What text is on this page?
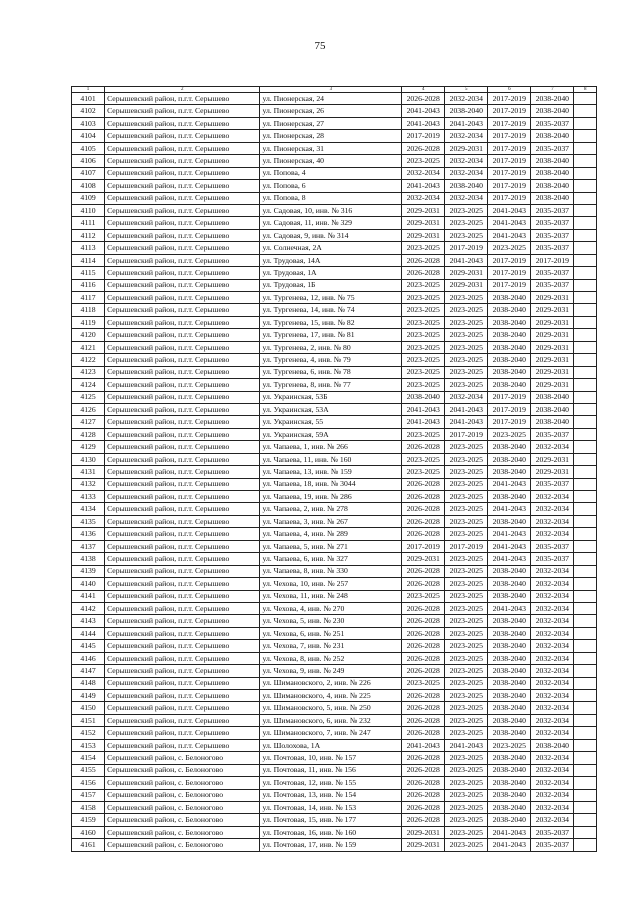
75
1	2	3	4	5	6	7	8
4101	Серышевский район, п.г.т. Серышево	ул. Пионерская, 24	2026-2028	2032-2034	2017-2019	2038-2040	
4102	Серышевский район, п.г.т. Серышево	ул. Пионерская, 26	2041-2043	2038-2040	2017-2019	2038-2040	
4103	Серышевский район, п.г.т. Серышево	ул. Пионерская, 27	2041-2043	2041-2043	2017-2019	2035-2037	
4104	Серышевский район, п.г.т. Серышево	ул. Пионерская, 28	2017-2019	2032-2034	2017-2019	2038-2040	
4105	Серышевский район, п.г.т. Серышево	ул. Пионерская, 31	2026-2028	2029-2031	2017-2019	2035-2037	
4106	Серышевский район, п.г.т. Серышево	ул. Пионерская, 40	2023-2025	2032-2034	2017-2019	2038-2040	
4107	Серышевский район, п.г.т. Серышево	ул. Попова, 4	2032-2034	2032-2034	2017-2019	2038-2040	
4108	Серышевский район, п.г.т. Серышево	ул. Попова, 6	2041-2043	2038-2040	2017-2019	2038-2040	
4109	Серышевский район, п.г.т. Серышево	ул. Попова, 8	2032-2034	2032-2034	2017-2019	2038-2040	
4110	Серышевский район, п.г.т. Серышево	ул. Садовая, 10, инв. № 316	2029-2031	2023-2025	2041-2043	2035-2037	
4111	Серышевский район, п.г.т. Серышево	ул. Садовая, 11, инв. № 329	2029-2031	2023-2025	2041-2043	2035-2037	
4112	Серышевский район, п.г.т. Серышево	ул. Садовая, 9, инв. № 314	2029-2031	2023-2025	2041-2043	2035-2037	
4113	Серышевский район, п.г.т. Серышево	ул. Солнечная, 2А	2023-2025	2017-2019	2023-2025	2035-2037	
4114	Серышевский район, п.г.т. Серышево	ул. Трудовая, 14А	2026-2028	2041-2043	2017-2019	2017-2019	
4115	Серышевский район, п.г.т. Серышево	ул. Трудовая, 1А	2026-2028	2029-2031	2017-2019	2035-2037	
4116	Серышевский район, п.г.т. Серышево	ул. Трудовая, 1Б	2023-2025	2029-2031	2017-2019	2035-2037	
4117	Серышевский район, п.г.т. Серышево	ул. Тургенева, 12, инв. № 75	2023-2025	2023-2025	2038-2040	2029-2031	
4118	Серышевский район, п.г.т. Серышево	ул. Тургенева, 14, инв. № 74	2023-2025	2023-2025	2038-2040	2029-2031	
4119	Серышевский район, п.г.т. Серышево	ул. Тургенева, 15, инв. № 82	2023-2025	2023-2025	2038-2040	2029-2031	
4120	Серышевский район, п.г.т. Серышево	ул. Тургенева, 17, инв. № 81	2023-2025	2023-2025	2038-2040	2029-2031	
4121	Серышевский район, п.г.т. Серышево	ул. Тургенева, 2, инв. № 80	2023-2025	2023-2025	2038-2040	2029-2031	
4122	Серышевский район, п.г.т. Серышево	ул. Тургенева, 4, инв. № 79	2023-2025	2023-2025	2038-2040	2029-2031	
4123	Серышевский район, п.г.т. Серышево	ул. Тургенева, 6, инв. № 78	2023-2025	2023-2025	2038-2040	2029-2031	
4124	Серышевский район, п.г.т. Серышево	ул. Тургенева, 8, инв. № 77	2023-2025	2023-2025	2038-2040	2029-2031	
4125	Серышевский район, п.г.т. Серышево	ул. Украинская, 53Б	2038-2040	2032-2034	2017-2019	2038-2040	
4126	Серышевский район, п.г.т. Серышево	ул. Украинская, 53А	2041-2043	2041-2043	2017-2019	2038-2040	
4127	Серышевский район, п.г.т. Серышево	ул. Украинская, 55	2041-2043	2041-2043	2017-2019	2038-2040	
4128	Серышевский район, п.г.т. Серышево	ул. Украинская, 59А	2023-2025	2017-2019	2023-2025	2035-2037	
4129	Серышевский район, п.г.т. Серышево	ул. Чапаева, 1, инв. № 266	2026-2028	2023-2025	2038-2040	2032-2034	
4130	Серышевский район, п.г.т. Серышево	ул. Чапаева, 11, инв. № 160	2023-2025	2023-2025	2038-2040	2029-2031	
4131	Серышевский район, п.г.т. Серышево	ул. Чапаева, 13, инв. № 159	2023-2025	2023-2025	2038-2040	2029-2031	
4132	Серышевский район, п.г.т. Серышево	ул. Чапаева, 18, инв. № 3044	2026-2028	2023-2025	2041-2043	2035-2037	
4133	Серышевский район, п.г.т. Серышево	ул. Чапаева, 19, инв. № 286	2026-2028	2023-2025	2038-2040	2032-2034	
4134	Серышевский район, п.г.т. Серышево	ул. Чапаева, 2, инв. № 278	2026-2028	2023-2025	2041-2043	2032-2034	
4135	Серышевский район, п.г.т. Серышево	ул. Чапаева, 3, инв. № 267	2026-2028	2023-2025	2038-2040	2032-2034	
4136	Серышевский район, п.г.т. Серышево	ул. Чапаева, 4, инв. № 289	2026-2028	2023-2025	2041-2043	2032-2034	
4137	Серышевский район, п.г.т. Серышево	ул. Чапаева, 5, инв. № 271	2017-2019	2017-2019	2041-2043	2035-2037	
4138	Серышевский район, п.г.т. Серышево	ул. Чапаева, 6, инв. № 327	2029-2031	2023-2025	2041-2043	2035-2037	
4139	Серышевский район, п.г.т. Серышево	ул. Чапаева, 8, инв. № 330	2026-2028	2023-2025	2038-2040	2032-2034	
4140	Серышевский район, п.г.т. Серышево	ул. Чехова, 10, инв. № 257	2026-2028	2023-2025	2038-2040	2032-2034	
4141	Серышевский район, п.г.т. Серышево	ул. Чехова, 11, инв. № 248	2023-2025	2023-2025	2038-2040	2032-2034	
4142	Серышевский район, п.г.т. Серышево	ул. Чехова, 4, инв. № 270	2026-2028	2023-2025	2041-2043	2032-2034	
4143	Серышевский район, п.г.т. Серышево	ул. Чехова, 5, инв. № 230	2026-2028	2023-2025	2038-2040	2032-2034	
4144	Серышевский район, п.г.т. Серышево	ул. Чехова, 6, инв. № 251	2026-2028	2023-2025	2038-2040	2032-2034	
4145	Серышевский район, п.г.т. Серышево	ул. Чехова, 7, инв. № 231	2026-2028	2023-2025	2038-2040	2032-2034	
4146	Серышевский район, п.г.т. Серышево	ул. Чехова, 8, инв. № 252	2026-2028	2023-2025	2038-2040	2032-2034	
4147	Серышевский район, п.г.т. Серышево	ул. Чехова, 9, инв. № 249	2026-2028	2023-2025	2038-2040	2032-2034	
4148	Серышевский район, п.г.т. Серышево	ул. Шимановского, 2, инв. № 226	2023-2025	2023-2025	2038-2040	2032-2034	
4149	Серышевский район, п.г.т. Серышево	ул. Шимановского, 4, инв. № 225	2026-2028	2023-2025	2038-2040	2032-2034	
4150	Серышевский район, п.г.т. Серышево	ул. Шимановского, 5, инв. № 250	2026-2028	2023-2025	2038-2040	2032-2034	
4151	Серышевский район, п.г.т. Серышево	ул. Шимановского, 6, инв. № 232	2026-2028	2023-2025	2038-2040	2032-2034	
4152	Серышевский район, п.г.т. Серышево	ул. Шимановского, 7, инв. № 247	2026-2028	2023-2025	2038-2040	2032-2034	
4153	Серышевский район, п.г.т. Серышево	ул. Шолохова, 1А	2041-2043	2041-2043	2023-2025	2038-2040	
4154	Серышевский район, с. Белоногово	ул. Почтовая, 10, инв. № 157	2026-2028	2023-2025	2038-2040	2032-2034	
4155	Серышевский район, с. Белоногово	ул. Почтовая, 11, инв. № 156	2026-2028	2023-2025	2038-2040	2032-2034	
4156	Серышевский район, с. Белоногово	ул. Почтовая, 12, инв. № 155	2026-2028	2023-2025	2038-2040	2032-2034	
4157	Серышевский район, с. Белоногово	ул. Почтовая, 13, инв. № 154	2026-2028	2023-2025	2038-2040	2032-2034	
4158	Серышевский район, с. Белоногово	ул. Почтовая, 14, инв. № 153	2026-2028	2023-2025	2038-2040	2032-2034	
4159	Серышевский район, с. Белоногово	ул. Почтовая, 15, инв. № 177	2026-2028	2023-2025	2038-2040	2032-2034	
4160	Серышевский район, с. Белоногово	ул. Почтовая, 16, инв. № 160	2029-2031	2023-2025	2041-2043	2035-2037	
4161	Серышевский район, с. Белоногово	ул. Почтовая, 17, инв. № 159	2029-2031	2023-2025	2041-2043	2035-2037	
